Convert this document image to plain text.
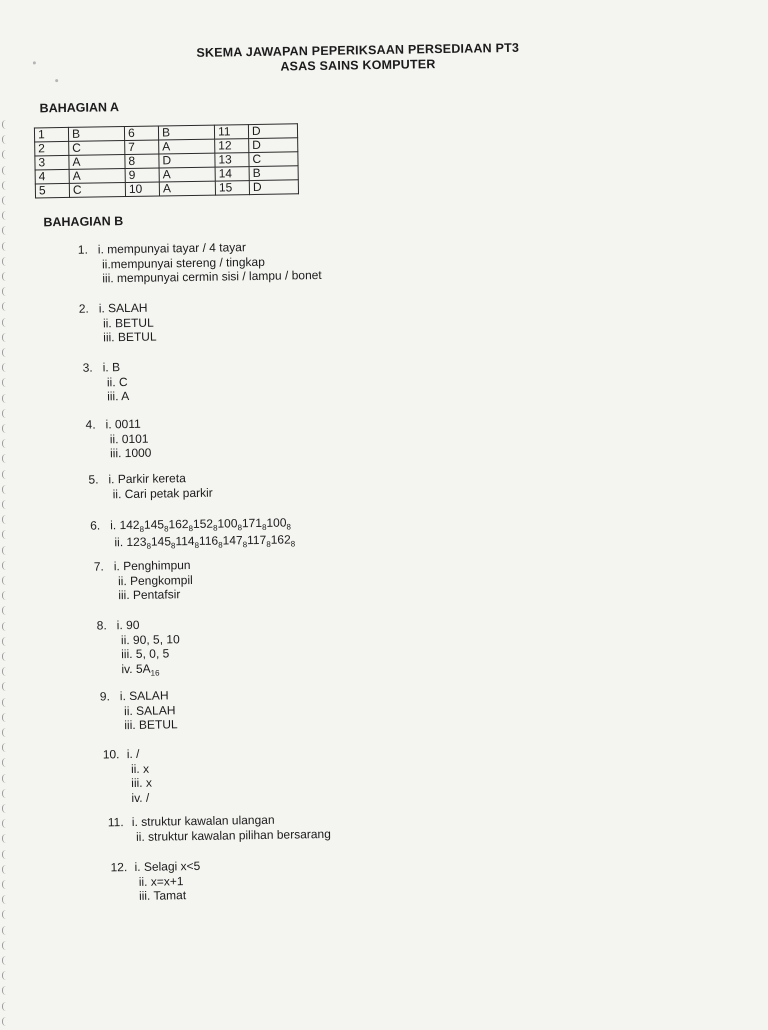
SKEMA JAWAPAN PEPERIKSAAN PERSEDIAAN PT3
ASAS SAINS KOMPUTER
BAHAGIAN A
1	B	6	B	11	D
2	C	7	A	12	D
3	A	8	D	13	C
4	A	9	A	14	B
5	C	10	A	15	D
BAHAGIAN B
1. i. mempunyai tayar / 4 tayar
ii.mempunyai stereng / tingkap
iii. mempunyai cermin sisi / lampu / bonet
2. i. SALAH
ii. BETUL
iii. BETUL
3. i. B
ii. C
iii. A
4. i. 0011
ii. 0101
iii. 1000
5. i. Parkir kereta
ii. Cari petak parkir
6. i. $142_8145_8162_8152_8100_8171_8100_8$
ii. $123_8145_8114_8116_8147_8117_8162_8$
7. i. Penghimpun
ii. Pengkompil
iii. Pentafsir
8. i. 90
ii. 90, 5, 10
iii. 5, 0, 5
iv. $5A_{16}$
9. i. SALAH
ii. SALAH
iii. BETUL
10. i. /
ii. x
iii. x
iv. /
11. i. struktur kawalan ulangan
ii. struktur kawalan pilihan bersarang
12. i. Selagi x<5
ii. x=x+1
iii. Tamat
